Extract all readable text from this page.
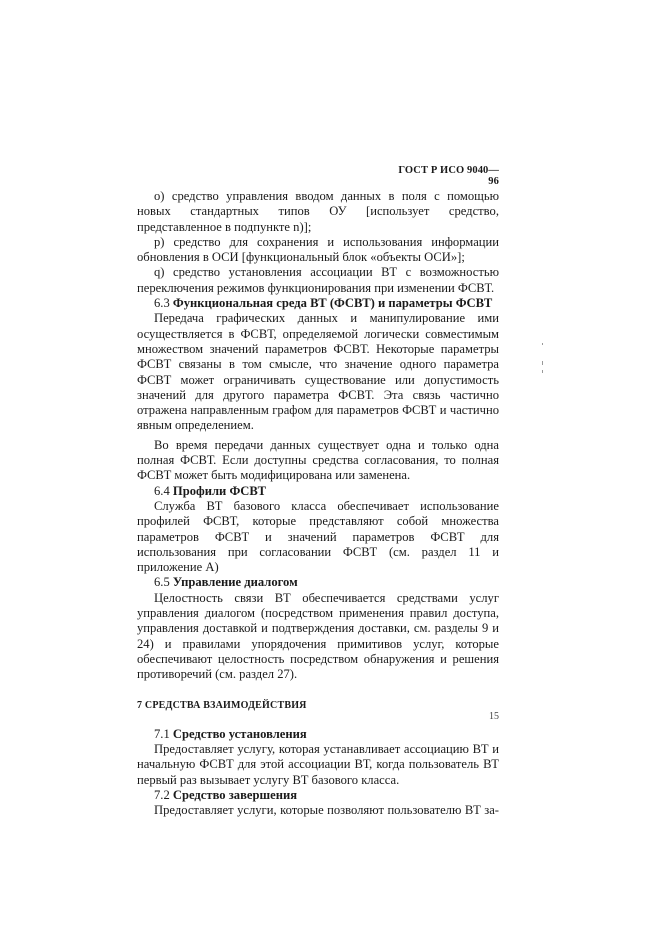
ГОСТ Р ИСО 9040—96

o) средство управления вводом данных в поля с помощью новых стандартных типов ОУ [использует средство, представленное в подпункте n)];

p) средство для сохранения и использования информации обновления в ОСИ [функциональный блок «объекты ОСИ»];

q) средство установления ассоциации ВТ с возможностью переключения режимов функционирования при изменении ФСВТ.

6.3 Функциональная среда ВТ (ФСВТ) и параметры ФСВТ

Передача графических данных и манипулирование ими осуществляется в ФСВТ, определяемой логически совместимым множеством значений параметров ФСВТ. Некоторые параметры ФСВТ связаны в том смысле, что значение одного параметра ФСВТ может ограничивать существование или допустимость значений для другого параметра ФСВТ. Эта связь частично отражена направленным графом для параметров ФСВТ и частично явным определением.

Во время передачи данных существует одна и только одна полная ФСВТ. Если доступны средства согласования, то полная ФСВТ может быть модифицирована или заменена.

6.4 Профили ФСВТ

Служба ВТ базового класса обеспечивает использование профилей ФСВТ, которые представляют собой множества параметров ФСВТ и значений параметров ФСВТ для использования при согласовании ФСВТ (см. раздел 11 и приложение А)

6.5 Управление диалогом

Целостность связи ВТ обеспечивается средствами услуг управления диалогом (посредством применения правил доступа, управления доставкой и подтверждения доставки, см. разделы 9 и 24) и правилами упорядочения примитивов услуг, которые обеспечивают целостность посредством обнаружения и решения противоречий (см. раздел 27).

7 СРЕДСТВА ВЗАИМОДЕЙСТВИЯ
7.1 Средство установления

Предоставляет услугу, которая устанавливает ассоциацию ВТ и начальную ФСВТ для этой ассоциации ВТ, когда пользователь ВТ первый раз вызывает услугу ВТ базового класса.

7.2 Средство завершения

Предоставляет услуги, которые позволяют пользователю ВТ за-

15
